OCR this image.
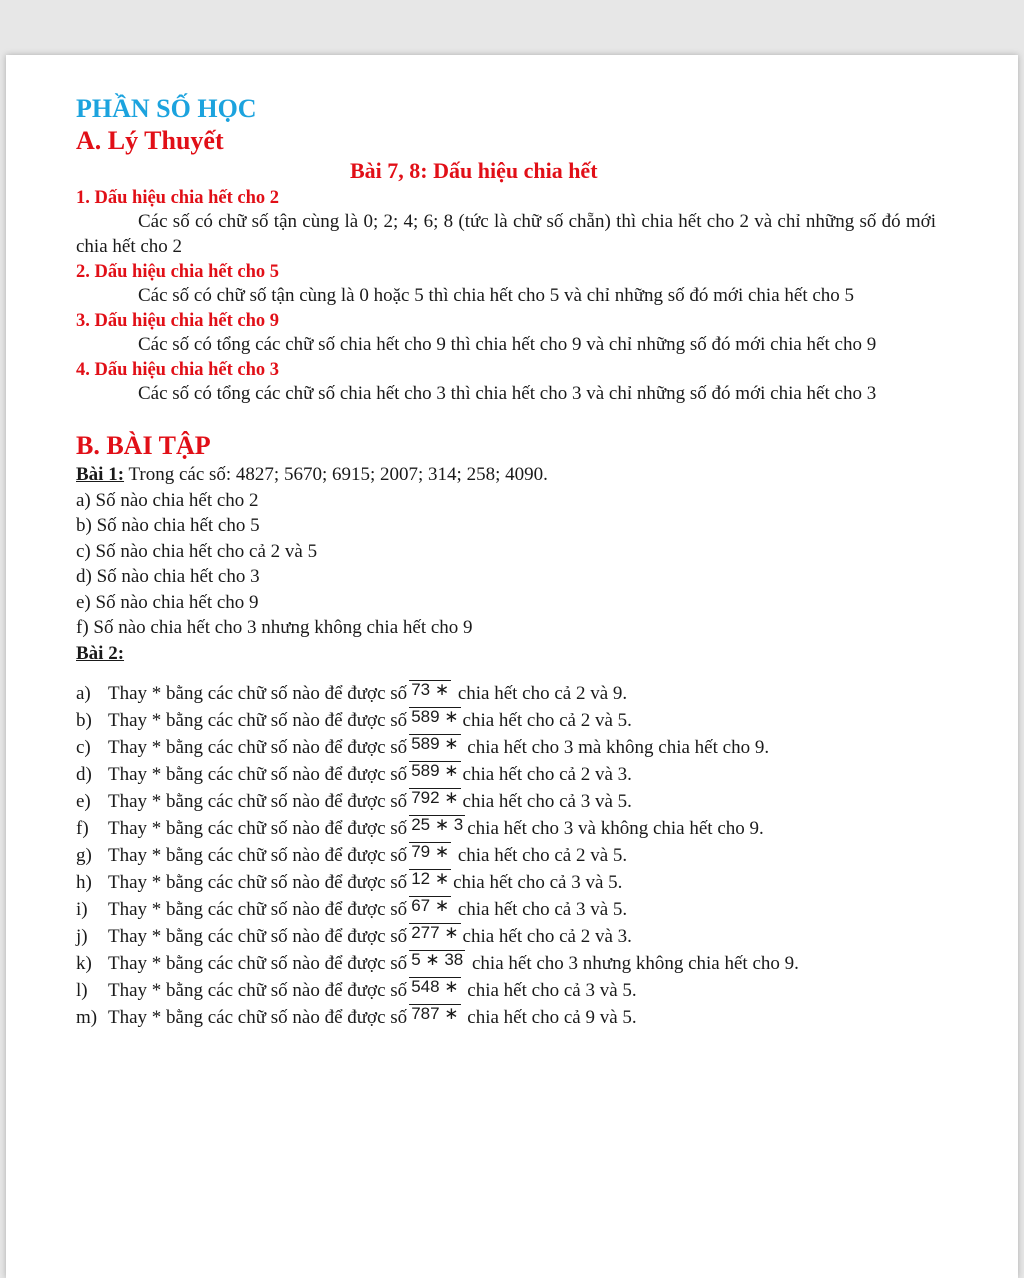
PHẦN SỐ HỌC
A. Lý Thuyết
Bài 7, 8: Dấu hiệu chia hết
1. Dấu hiệu chia hết cho 2
Các số có chữ số tận cùng là 0; 2; 4; 6; 8 (tức là chữ số chẵn) thì chia hết cho 2 và chỉ những số đó mới chia hết cho 2
2. Dấu hiệu chia hết cho 5
Các số có chữ số tận cùng là 0 hoặc 5 thì chia hết cho 5 và chỉ những số đó mới chia hết cho 5
3. Dấu hiệu chia hết cho 9
Các số có tổng các chữ số chia hết cho 9 thì chia hết cho 9 và chỉ những số đó mới chia hết cho 9
4. Dấu hiệu chia hết cho 3
Các số có tổng các chữ số chia hết cho 3 thì chia hết cho 3 và chỉ những số đó mới chia hết cho 3
B. BÀI TẬP
Bài 1: Trong các số: 4827; 5670; 6915; 2007; 314; 258; 4090.
a) Số nào chia hết cho 2
b) Số nào chia hết cho 5
c) Số nào chia hết cho cả 2 và 5
d) Số nào chia hết cho 3
e) Số nào chia hết cho 9
f) Số nào chia hết cho 3 nhưng không chia hết cho 9
Bài 2:
a) Thay * bằng các chữ số nào để được số 73 ∗ chia hết cho cả 2 và 9.
b) Thay * bằng các chữ số nào để được số 589 ∗ chia hết cho cả 2 và 5.
c) Thay * bằng các chữ số nào để được số 589 ∗ chia hết cho 3 mà không chia hết cho 9.
d) Thay * bằng các chữ số nào để được số 589 ∗ chia hết cho cả 2 và 3.
e) Thay * bằng các chữ số nào để được số 792 ∗ chia hết cho cả 3 và 5.
f)	Thay * bằng các chữ số nào để được số 25 ∗ 3 chia hết cho 3 và không chia hết cho 9.
g) Thay * bằng các chữ số nào để được số 79 ∗ chia hết cho cả 2 và 5.
h) Thay * bằng các chữ số nào để được số 12 ∗ chia hết cho cả 3 và 5.
i)	Thay * bằng các chữ số nào để được số 67 ∗ chia hết cho cả 3 và 5.
j)	Thay * bằng các chữ số nào để được số 277 ∗ chia hết cho cả 2 và 3.
k) Thay * bằng các chữ số nào để được số 5 ∗ 38 chia hết cho 3 nhưng không chia hết cho 9.
l)	Thay * bằng các chữ số nào để được số 548 ∗ chia hết cho cả 3 và 5.
m) Thay * bằng các chữ số nào để được số 787 ∗ chia hết cho cả 9 và 5.
